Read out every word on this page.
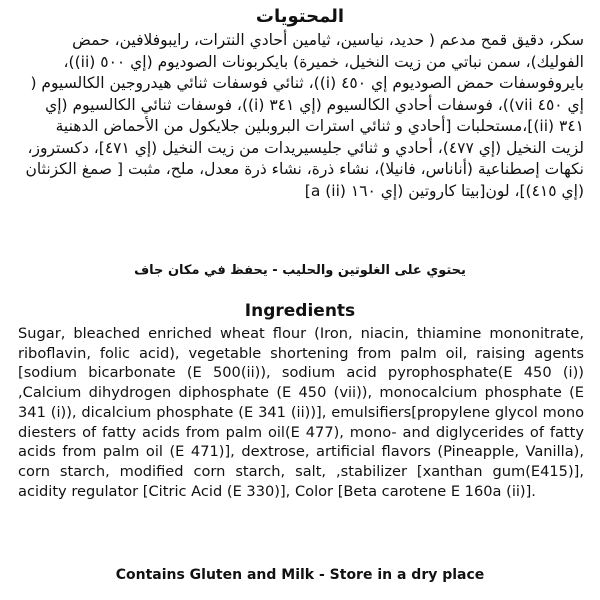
المحتويات
سكر، دقيق قمح مدعم ( حديد، نياسين، ثيامين أحادي النترات، رايبوفلافين، حمض الفوليك)، سمن نباتي من زيت النخيل، خميرة) بايكربونات الصوديوم (إي ٥٠٠ (ii))، بايروفوسفات حمض الصوديوم إي ٤٥٠ (i))، ثنائي فوسفات ثنائي هيدروجين الكالسيوم ( إي ٤٥٠ vii))، فوسفات أحادي الكالسيوم (إي ٣٤١ (i))، فوسفات ثنائي الكالسيوم (إي ٣٤١ (ii)]،مستحلبات [أحادي و ثنائي استرات البروبلين جلايكول من الأحماض الدهنية لزيت النخيل (إي ٤٧٧)، أحادي و ثنائي جليسيريدات من زيت النخيل (إي ٤٧١]، دكستروز، نكهات إصطناعية (أناناس، فانيلا)، نشاء ذرة، نشاء ذرة معدل، ملح، مثبت [ صمغ الكزنثان (إي ٤١٥)]، لون[بيتا كاروتين (إي ١٦٠ a (ii)]
يحتوي على الغلوتين والحليب - يحفظ في مكان جاف
Ingredients
Sugar, bleached enriched wheat flour (Iron, niacin, thiamine mononitrate, riboflavin, folic acid), vegetable shortening from palm oil, raising agents [sodium bicarbonate (E 500(ii)), sodium acid pyrophosphate(E 450 (i)) ,Calcium dihydrogen diphosphate (E 450 (vii)), monocalcium phosphate (E 341 (i)), dicalcium phosphate (E 341 (ii))], emulsifiers[propylene glycol mono diesters of fatty acids from palm oil(E 477), mono- and diglycerides of fatty acids from palm oil (E 471)], dextrose, artificial flavors (Pineapple, Vanilla), corn starch, modified corn starch, salt, ,stabilizer [xanthan gum(E415)], acidity regulator [Citric Acid (E 330)], Color [Beta carotene E 160a (ii)].
Contains Gluten and Milk - Store in a dry place
